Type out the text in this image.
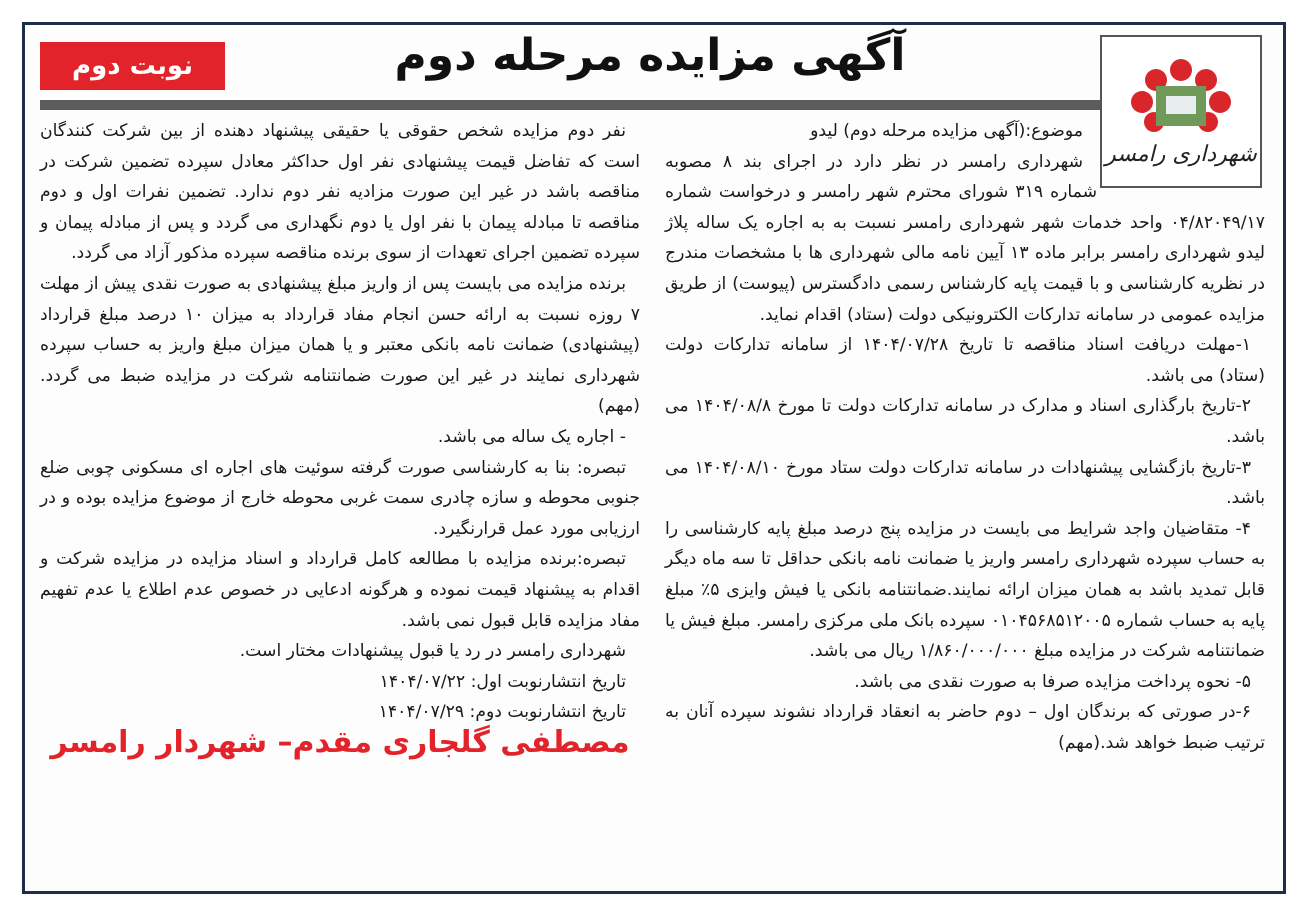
نوبت دوم	آگهی مزایده مرحله دوم
شهرداری رامسر

موضوع:(آگهی مزایده مرحله دوم) لیدو

شهرداری رامسر در نظر دارد در اجرای بند ۸ مصوبه شماره ۳۱۹ شورای محترم شهر رامسر و درخواست شماره ۰۴/۸۲۰۴۹/۱۷ واحد خدمات شهر شهرداری رامسر نسبت به به اجاره یک ساله پلاژ لیدو شهرداری رامسر برابر ماده ۱۳ آیین نامه مالی شهرداری ها با مشخصات مندرج در نظریه کارشناسی و با قیمت پایه کارشناس رسمی دادگسترس (پیوست) از طریق مزایده عمومی در سامانه تدارکات الکترونیکی دولت (ستاد) اقدام نماید.

۱-مهلت دریافت اسناد مناقصه تا تاریخ ۱۴۰۴/۰۷/۲۸ از سامانه تدارکات دولت (ستاد) می باشد.

۲-تاریخ بارگذاری اسناد و مدارک در سامانه تدارکات دولت تا مورخ ۱۴۰۴/۰۸/۸ می باشد.

۳-تاریخ بازگشایی پیشنهادات در سامانه تدارکات دولت ستاد مورخ ۱۴۰۴/۰۸/۱۰ می باشد.

۴- متقاضیان واجد شرایط می بایست در مزایده پنج درصد مبلغ پایه کارشناسی را به حساب سپرده شهرداری رامسر واریز یا ضمانت نامه بانکی حداقل تا سه ماه دیگر قابل تمدید باشد به همان میزان ارائه نمایند.ضمانتنامه بانکی یا فیش وایزی ۵٪ مبلغ پایه به حساب شماره ۰۱۰۴۵۶۸۵۱۲۰۰۵ سپرده بانک ملی مرکزی رامسر. مبلغ فیش یا ضمانتنامه شرکت در مزایده مبلغ ۱/۸۶۰/۰۰۰/۰۰۰ ریال می باشد.

۵- نحوه پرداخت مزایده صرفا به صورت نقدی می باشد.

۶-در صورتی که برندگان اول – دوم حاضر به انعقاد قرارداد نشوند سپرده آنان به ترتیب ضبط خواهد شد.(مهم)

نفر دوم مزایده شخص حقوقی یا حقیقی پیشنهاد دهنده از بین شرکت کنندگان است که تفاضل قیمت پیشنهادی نفر اول حداکثر معادل سپرده تضمین شرکت در مناقصه باشد در غیر این صورت مزادیه نفر دوم ندارد. تضمین نفرات اول و دوم مناقصه تا مبادله پیمان با نفر اول یا دوم نگهداری می گردد و پس از مبادله پیمان و سپرده تضمین اجرای تعهدات از سوی برنده مناقصه سپرده مذکور آزاد می گردد.

برنده مزایده می بایست پس از واریز مبلغ پیشنهادی به صورت نقدی پیش از مهلت ۷ روزه نسبت به ارائه حسن انجام مفاد قرارداد به میزان ۱۰ درصد مبلغ قرارداد (پیشنهادی) ضمانت نامه بانکی معتبر و یا همان میزان مبلغ واریز به حساب سپرده شهرداری نمایند در غیر این صورت ضمانتنامه شرکت در مزایده ضبط می گردد.(مهم)

- اجاره یک ساله می باشد.

تبصره: بنا به کارشناسی صورت گرفته سوئیت های اجاره ای مسکونی چوبی ضلع جنوبی محوطه و سازه چادری سمت غربی محوطه خارج از موضوع مزایده بوده و در ارزیابی مورد عمل قرارنگیرد.

تبصره:برنده مزایده با مطالعه کامل قرارداد و اسناد مزایده در مزایده شرکت و اقدام به پیشنهاد قیمت نموده و هرگونه ادعایی در خصوص عدم اطلاع یا عدم تفهیم مفاد مزایده قابل قبول نمی باشد.

شهرداری رامسر در رد یا قبول پیشنهادات مختار است.

تاریخ انتشارنوبت اول: ۱۴۰۴/۰۷/۲۲

تاریخ انتشارنوبت دوم: ۱۴۰۴/۰۷/۲۹

مصطفی گلجاری مقدم– شهردار رامسر
